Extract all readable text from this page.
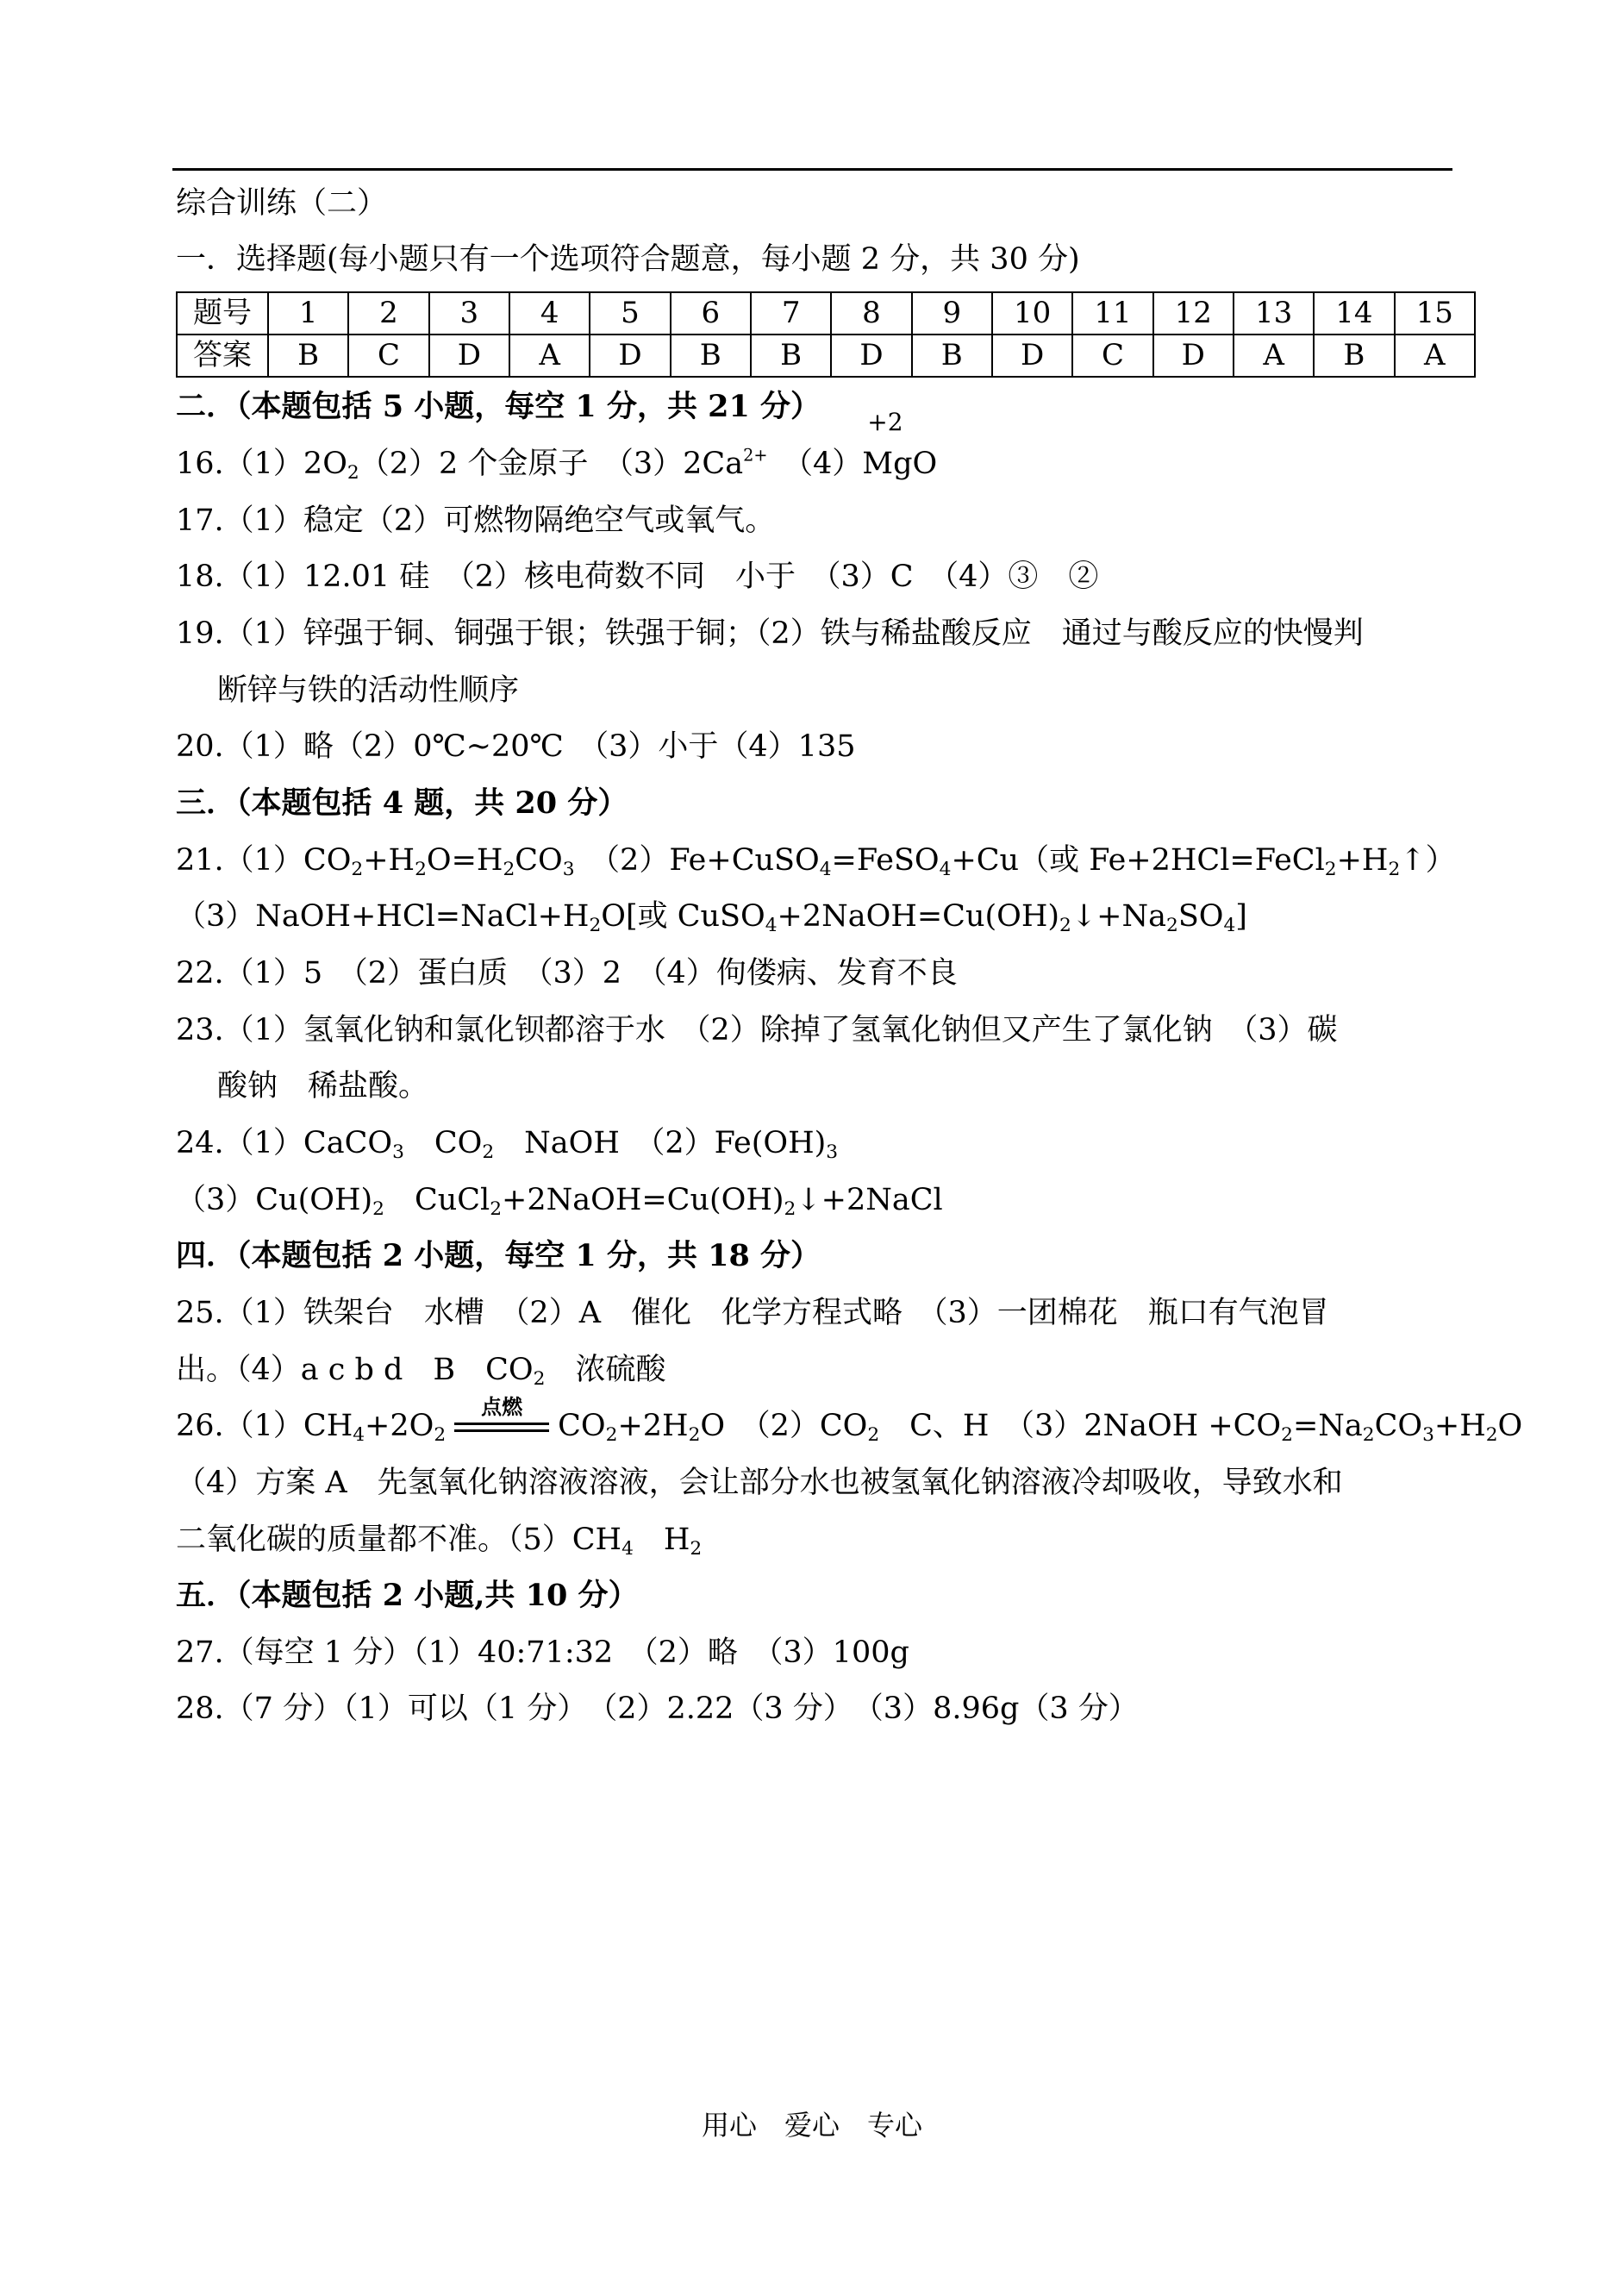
综合训练（二）
一．选择题(每小题只有一个选项符合题意，每小题 2 分，共 30 分)
题号	1	2	3	4	5	6	7	8	9	10	11	12	13	14	15
答案	B	C	D	A	D	B	B	D	B	D	C	D	A	B	A
二．（本题包括 5 小题，每空 1 分，共 21 分）
$16.(1)2O_2(2)2$ 个金原子　$(3)2Ca^{2+}$　 （4）
+2
MgO
17.（1）稳定（2）可燃物隔绝空气或氧气。
18.（1）12.01 硅　（2）核电荷数不同　小于　（3）C　（4）③　②
19.（1）锌强于铜、铜强于银；铁强于铜；（2）铁与稀盐酸反应　通过与酸反应的快慢判
断锌与铁的活动性顺序
20.（1）略（2）0℃~20℃　（3）小于（4）135
三．（本题包括 4 题，共 20 分）
$21.(1)CO_2+H_2O=H_2CO_3$　（2）Fe+CuSO$_4$=FeSO$_4$+Cu（或 $Fe+2HCl=FeCl_2+H_2↑$）
$(3)NaOH+HCl=NaCl+H_2O$[或 $CuSO_4+2NaOH=Cu(OH)_2↓+Na_2SO_4$]
22.（1）5　（2）蛋白质　（3）2　（4）佝偻病、发育不良
23.（1）氢氧化钠和氯化钡都溶于水　（2）除掉了氢氧化钠但又产生了氯化钠　（3）碳
酸钠　稀盐酸。
24.（1）CaCO$_3$　$CO_2$　NaOH　$(2)Fe(OH)_3$
$(3)Cu(OH)_2$　$CuCl_2+2NaOH=Cu(OH)_2↓+2NaCl$
四．（本题包括 2 小题，每空 1 分，共 18 分）
25.（1）铁架台　水槽　（2）A　催化　化学方程式略　（3）一团棉花　瓶口有气泡冒
出。（4）a c b d　B　$CO_2$　浓硫酸
$26.(1)CH_4+2O_2$
点燃
$CO_2+2H_2O$　$(2)CO_2$　C、H　（3）2NaOH $+CO_2=Na_2CO_3+H_2O$
（4）方案 A　先氢氧化钠溶液溶液，会让部分水也被氢氧化钠溶液冷却吸收，导致水和
二氧化碳的质量都不准。$(5)CH_4$　$H_2$
五．（本题包括 2 小题,共 10 分）
27.（每空 1 分）（1）40:71:32　（2）略　（3）100g
28.（7 分）（1）可以（1 分）　（2）2.22（3 分）　（3）8.96g（3 分）
用心　爱心　专心
